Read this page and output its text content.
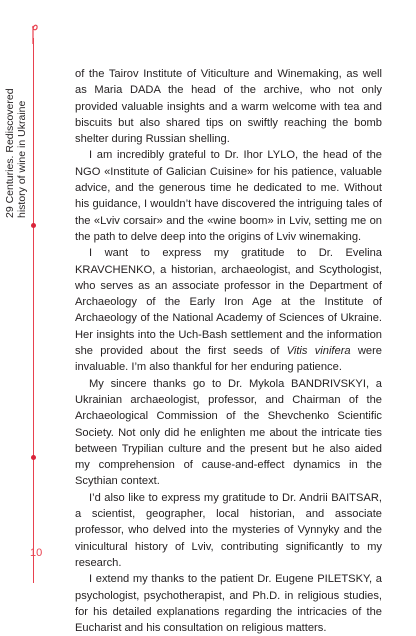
29 Centuries. Rediscovered history of wine in Ukraine
10

of the Tairov Institute of Viticulture and Winemaking, as well as Maria DADA the head of the archive, who not only provided valuable insights and a warm welcome with tea and biscuits but also shared tips on swiftly reaching the bomb shelter during Russian shelling.

I am incredibly grateful to Dr. Ihor LYLO, the head of the NGO «Institute of Galician Cuisine» for his patience, valuable advice, and the generous time he dedicated to me. Without his guidance, I wouldn’t have discovered the intriguing tales of the «Lviv corsair» and the «wine boom» in Lviv, setting me on the path to delve deep into the origins of Lviv winemaking.

I want to express my gratitude to Dr. Evelina KRAVCHENKO, a historian, archaeologist, and Scythologist, who serves as an associate professor in the Department of Archaeology of the Early Iron Age at the Institute of Archaeology of the National Academy of Sciences of Ukraine. Her insights into the Uch-Bash settlement and the information she provided about the first seeds of Vitis vinifera were invaluable. I’m also thankful for her enduring patience.

My sincere thanks go to Dr. Mykola BANDRIVSKYI, a Ukrainian archaeologist, professor, and Chairman of the Archaeological Commission of the Shevchenko Scientific Society. Not only did he enlighten me about the intricate ties between Trypilian culture and the present but he also aided my comprehension of cause-and-effect dynamics in the Scythian context.

I’d also like to express my gratitude to Dr. Andrii BAITSAR, a scientist, geographer, local historian, and associate professor, who delved into the mysteries of Vynnyky and the vinicultural history of Lviv, contributing significantly to my research.

I extend my thanks to the patient Dr. Eugene PILETSKY, a psychologist, psychotherapist, and Ph.D. in religious studies, for his detailed explanations regarding the intricacies of the Eucharist and his consultation on religious matters.
